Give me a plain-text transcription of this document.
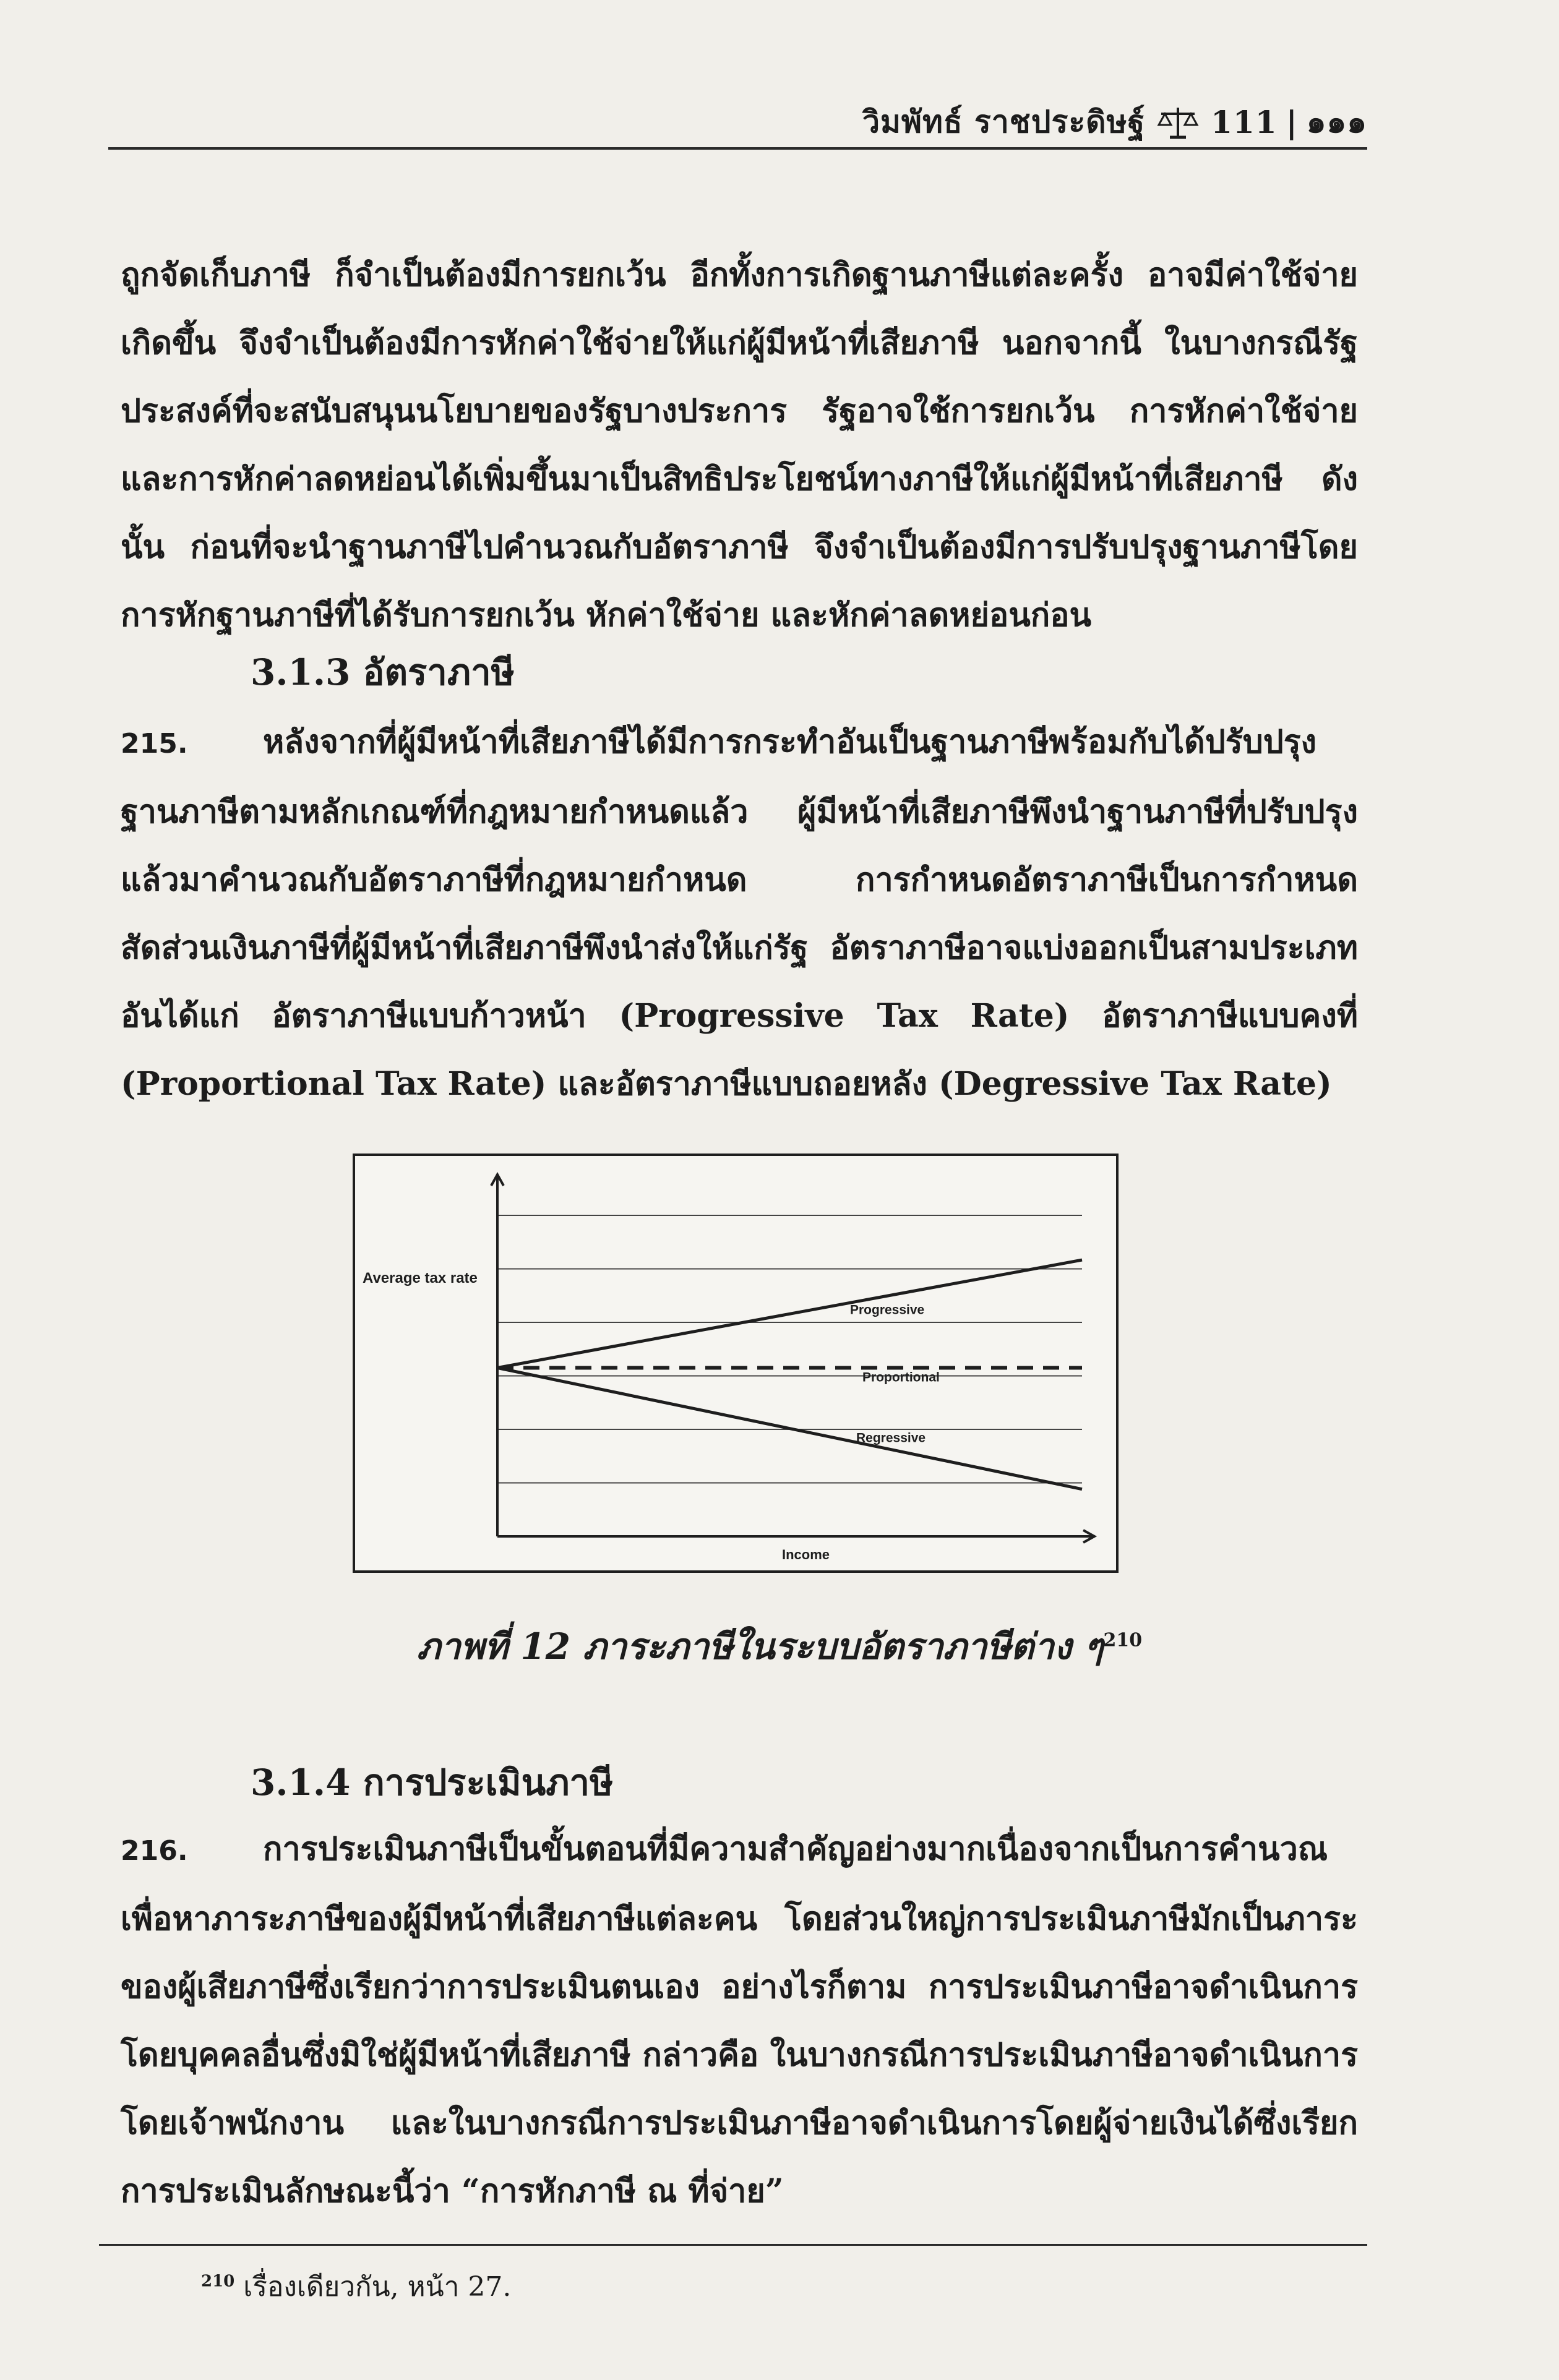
วิมพัทธ์ ราชประดิษฐ์ 111 | ๑๑๑
ถูกจัดเก็บภาษี ก็จำเป็นต้องมีการยกเว้น อีกทั้งการเกิดฐานภาษีแต่ละครั้ง อาจมีค่าใช้จ่ายเกิดขึ้น จึงจำเป็นต้องมีการหักค่าใช้จ่ายให้แก่ผู้มีหน้าที่เสียภาษี นอกจากนี้ ในบางกรณีรัฐประสงค์ที่จะสนับสนุนนโยบายของรัฐบางประการ รัฐอาจใช้การยกเว้น การหักค่าใช้จ่าย และการหักค่าลดหย่อนได้เพิ่มขึ้นมาเป็นสิทธิประโยชน์ทางภาษีให้แก่ผู้มีหน้าที่เสียภาษี ดังนั้น ก่อนที่จะนำฐานภาษีไปคำนวณกับอัตราภาษี จึงจำเป็นต้องมีการปรับปรุงฐานภาษีโดยการหักฐานภาษีที่ได้รับการยกเว้น หักค่าใช้จ่าย และหักค่าลดหย่อนก่อน
3.1.3 อัตราภาษี
215. หลังจากที่ผู้มีหน้าที่เสียภาษีได้มีการกระทำอันเป็นฐานภาษีพร้อมกับได้ปรับปรุงฐานภาษีตามหลักเกณฑ์ที่กฎหมายกำหนดแล้ว ผู้มีหน้าที่เสียภาษีพึงนำฐานภาษีที่ปรับปรุงแล้วมาคำนวณกับอัตราภาษีที่กฎหมายกำหนด การกำหนดอัตราภาษีเป็นการกำหนดสัดส่วนเงินภาษีที่ผู้มีหน้าที่เสียภาษีพึงนำส่งให้แก่รัฐ อัตราภาษีอาจแบ่งออกเป็นสามประเภท อันได้แก่ อัตราภาษีแบบก้าวหน้า (Progressive Tax Rate) อัตราภาษีแบบคงที่ (Proportional Tax Rate) และอัตราภาษีแบบถอยหลัง (Degressive Tax Rate)
Average tax rate
Income
Progressive
Proportional
Regressive
ภาพที่ 12 ภาระภาษีในระบบอัตราภาษีต่าง ๆ$^{210}$
3.1.4 การประเมินภาษี
216. การประเมินภาษีเป็นขั้นตอนที่มีความสำคัญอย่างมากเนื่องจากเป็นการคำนวณเพื่อหาภาระภาษีของผู้มีหน้าที่เสียภาษีแต่ละคน โดยส่วนใหญ่การประเมินภาษีมักเป็นภาระของผู้เสียภาษีซึ่งเรียกว่าการประเมินตนเอง อย่างไรก็ตาม การประเมินภาษีอาจดำเนินการโดยบุคคลอื่นซึ่งมิใช่ผู้มีหน้าที่เสียภาษี กล่าวคือ ในบางกรณีการประเมินภาษีอาจดำเนินการโดยเจ้าพนักงาน และในบางกรณีการประเมินภาษีอาจดำเนินการโดยผู้จ่ายเงินได้ซึ่งเรียกการประเมินลักษณะนี้ว่า “การหักภาษี ณ ที่จ่าย”
$^{210}$ เรื่องเดียวกัน, หน้า 27.
